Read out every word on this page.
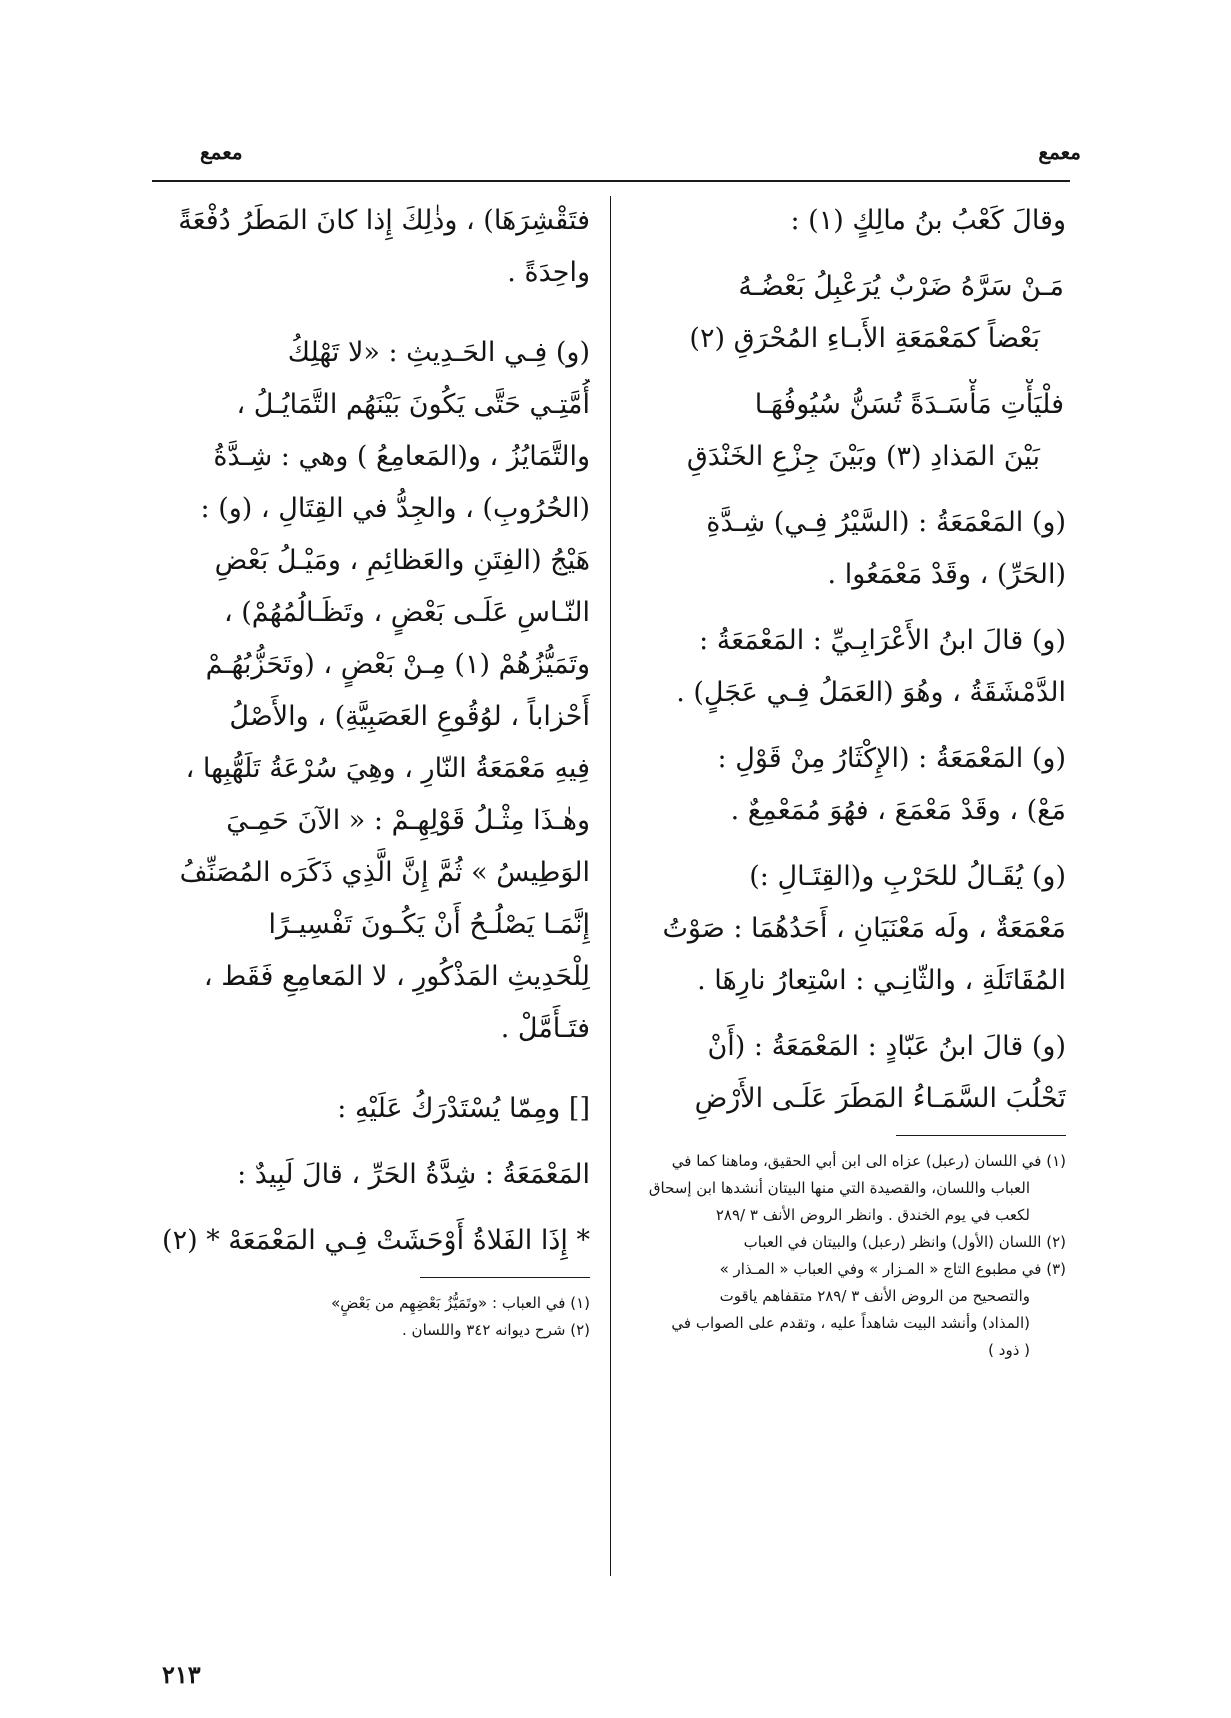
معمع
معمع
وقالَ كَعْبُ بنُ مالِكٍ (١) :
مَـنْ سَرَّهُ ضَرْبٌ يُرَعْبِلُ بَعْضُـهُ
بَعْضاً كمَعْمَعَةِ الأَبـاءِ المُحْرَقِ (٢)
فلْيَأْتِ مَأْسَـدَةً تُسَنُّ سُيُوفُهَـا
بَيْنَ المَذادِ (٣) وبَيْنَ جِزْعِ الخَنْدَقِ
(و) المَعْمَعَةُ : (السَّيْرُ فِـي) شِـدَّةِ
(الحَرِّ) ، وقَدْ مَعْمَعُوا .
(و) قالَ ابنُ الأَعْرَابِـيِّ : المَعْمَعَةُ :
الدَّمْشَقَةُ ، وهُوَ (العَمَلُ فِـي عَجَلٍ) .
(و) المَعْمَعَةُ : (الإِكْثَارُ مِنْ قَوْلِ :
مَعْ) ، وقَدْ مَعْمَعَ ، فهُوَ مُمَعْمِعٌ .
(و) يُقَـالُ للحَرْبِ و(القِتَـالِ :)
مَعْمَعَةٌ ، ولَه مَعْنَيَانِ ، أَحَدُهُمَا : صَوْتُ
المُقَاتَلَةِ ، والثّانِـي : اسْتِعارُ نارِهَا .
(و) قالَ ابنُ عَبّادٍ : المَعْمَعَةُ : (أَنْ
تَحْلُبَ السَّمَـاءُ المَطَرَ عَلَـى الأَرْضِ
(١) في اللسان (رعبل) عزاه الى ابن أبي الحقيق، وماهنا كما في
العباب واللسان، والقصيدة التي منها البيتان أنشدها ابن إسحاق
لكعب في يوم الخندق . وانظر الروض الأنف ٣ /٢٨٩
(٢) اللسان (الأول) وانظر (رعبل) والبيتان في العباب
(٣) في مطبوع التاج « المـزار » وفي العباب « المـذار »
والتصحيح من الروض الأنف ٣ /٢٨٩ متقفاهم ياقوت
(المذاد) وأنشد البيت شاهداً عليه ، وتقدم على الصواب في
( ذود )
فتَقْشِرَهَا) ، وذٰلِكَ إِذا كانَ المَطَرُ دُفْعَةً
واحِدَةً .
(و) فِـي الحَـدِيثِ : «لا تَهْلِكُ
أُمَّتِـي حَتَّى يَكُونَ بَيْنَهُم التَّمَايُـلُ ،
والتَّمَايُزُ ، و(المَعامِعُ ) وهي : شِـدَّةُ
(الحُرُوبِ) ، والجِدُّ في القِتَالِ ، (و) :
هَيْجُ (الفِتَنِ والعَظائِمِ ، ومَيْـلُ بَعْضِ
النّـاسِ عَلَـى بَعْضٍ ، وتَظَـالُمُهُمْ) ،
وتَمَيُّزُهُمْ (١) مِـنْ بَعْضٍ ، (وتَحَزُّبُهُـمْ
أَحْزاباً ، لوُقُوعِ العَصَبِيَّةِ) ، والأَصْلُ
فِيهِ مَعْمَعَةُ النّارِ ، وهِيَ سُرْعَةُ تَلَهُّبِها ،
وهٰـذَا مِثْـلُ قَوْلِهِـمْ : « الآنَ حَمِـيَ
الوَطِيسُ » ثُمَّ إِنَّ الَّذِي ذَكَرَه المُصَنِّفُ
إِنَّمَـا يَصْلُـحُ أَنْ يَكُـونَ تَفْسِيـرًا
لِلْحَدِيثِ المَذْكُورِ ، لا المَعامِعِ فَقَط ،
فتَـأَمَّلْ .
[] ومِمّا يُسْتَدْرَكُ عَلَيْهِ :
المَعْمَعَةُ : شِدَّةُ الحَرِّ ، قالَ لَبِيدٌ :
* إِذَا الفَلاةُ أَوْحَشَتْ فِـي المَعْمَعَهْ * (٢)
(١) في العباب : «وتَمَيُّزُ بَعْضِهِم من بَعْضٍ»
(٢) شرح ديوانه ٣٤٢ واللسان .
٢١٣
